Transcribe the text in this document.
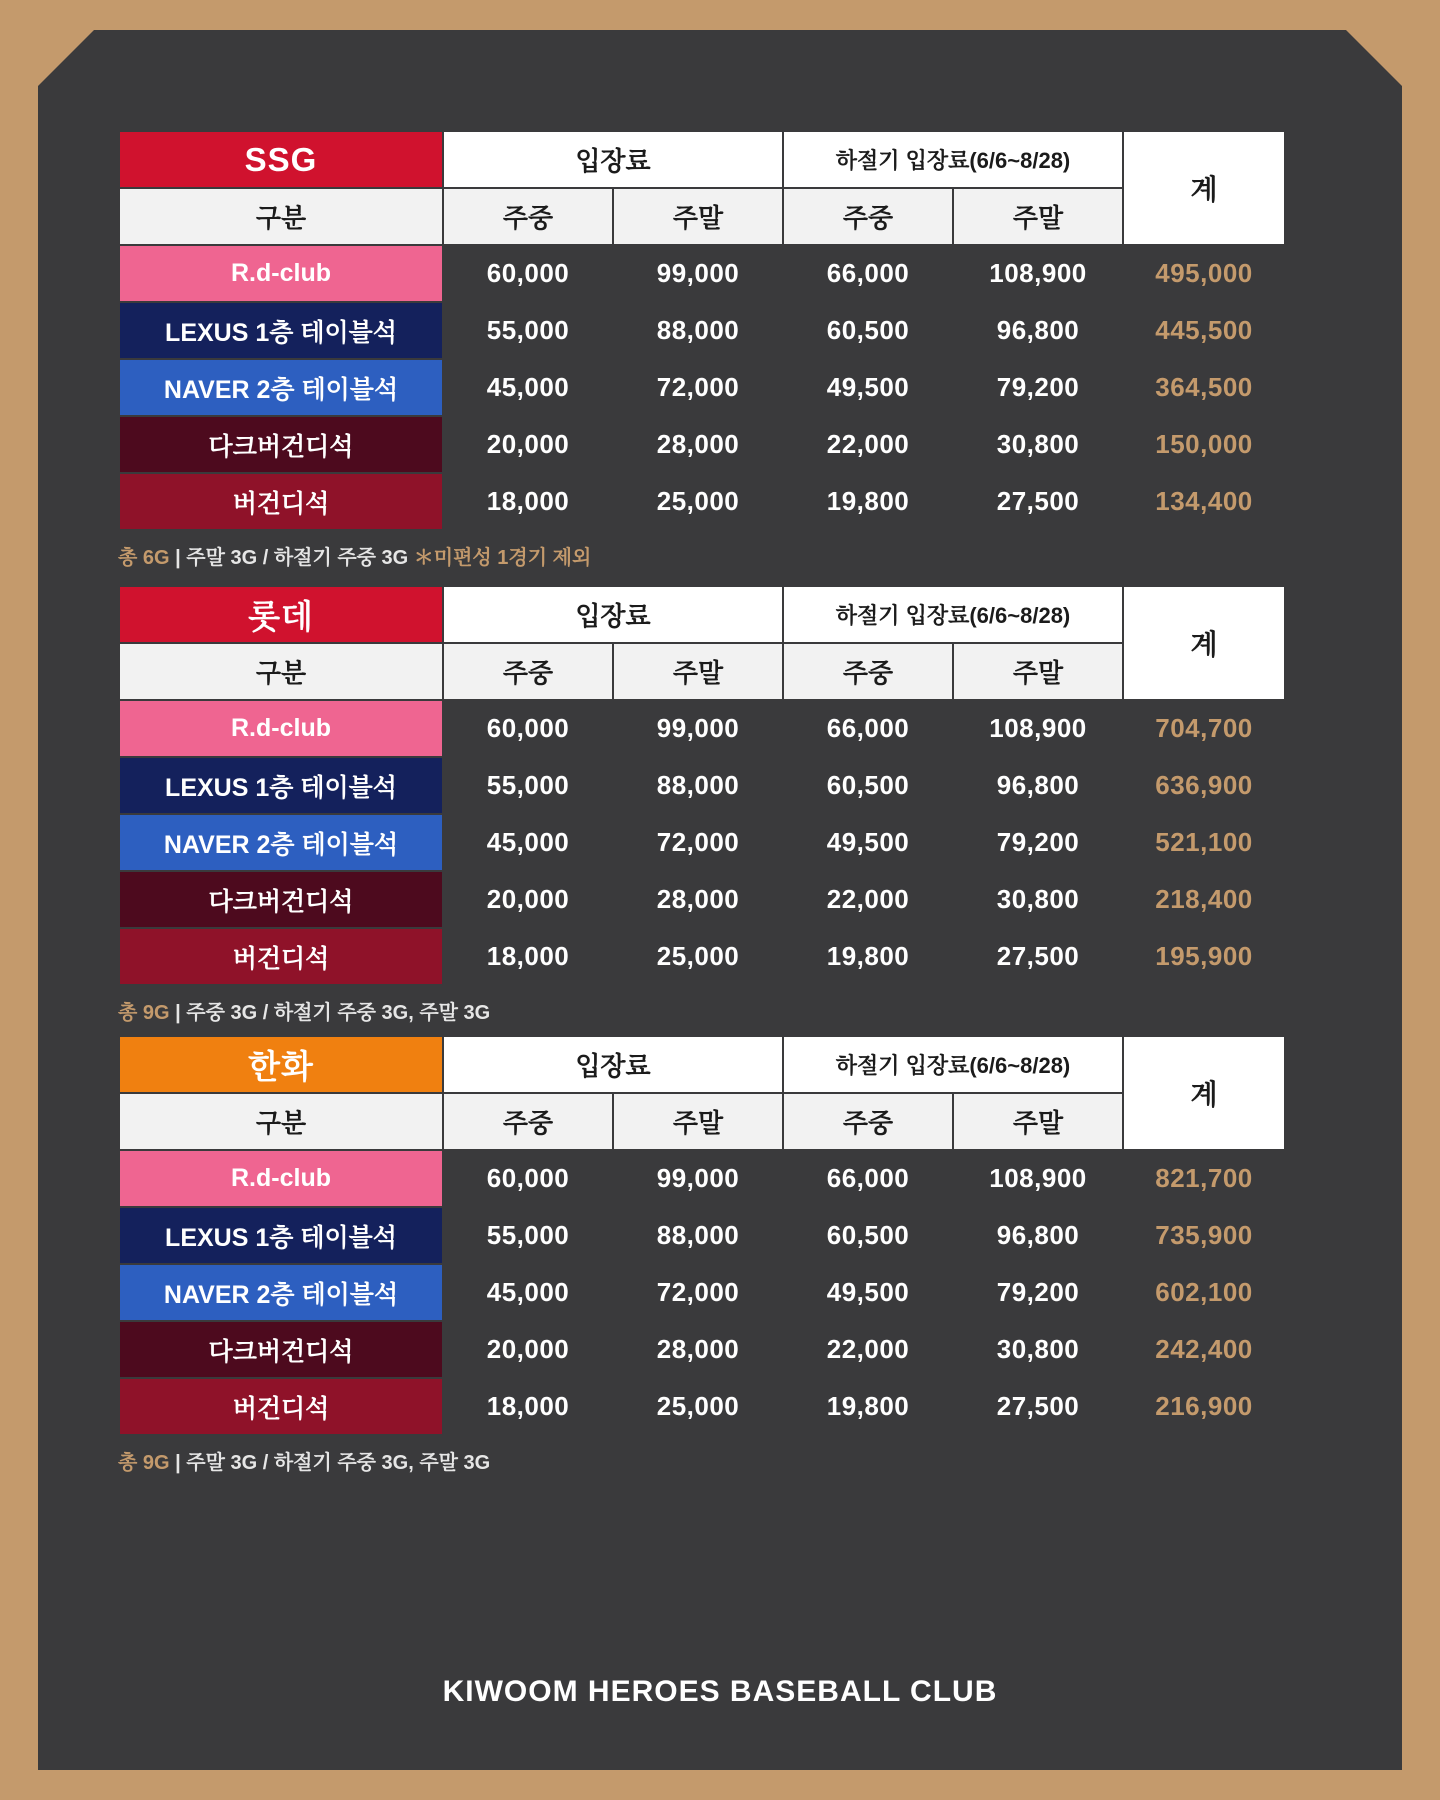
SSG	입장료		하절기 입장료(6/6~8/28)		계
구분	주중	주말	주중	주말	
R.d-club	60,000	99,000	66,000	108,900	495,000
LEXUS 1층 테이블석	55,000	88,000	60,500	96,800	445,500
NAVER 2층 테이블석	45,000	72,000	49,500	79,200	364,500
다크버건디석	20,000	28,000	22,000	30,800	150,000
버건디석	18,000	25,000	19,800	27,500	134,400
총 6G | 주말 3G / 하절기 주중 3G ＊미편성 1경기 제외
롯데	입장료		하절기 입장료(6/6~8/28)		계
구분	주중	주말	주중	주말	
R.d-club	60,000	99,000	66,000	108,900	704,700
LEXUS 1층 테이블석	55,000	88,000	60,500	96,800	636,900
NAVER 2층 테이블석	45,000	72,000	49,500	79,200	521,100
다크버건디석	20,000	28,000	22,000	30,800	218,400
버건디석	18,000	25,000	19,800	27,500	195,900
총 9G | 주중 3G / 하절기 주중 3G, 주말 3G
한화	입장료		하절기 입장료(6/6~8/28)		계
구분	주중	주말	주중	주말	
R.d-club	60,000	99,000	66,000	108,900	821,700
LEXUS 1층 테이블석	55,000	88,000	60,500	96,800	735,900
NAVER 2층 테이블석	45,000	72,000	49,500	79,200	602,100
다크버건디석	20,000	28,000	22,000	30,800	242,400
버건디석	18,000	25,000	19,800	27,500	216,900
총 9G | 주말 3G / 하절기 주중 3G, 주말 3G
KIWOOM HEROES BASEBALL CLUB
